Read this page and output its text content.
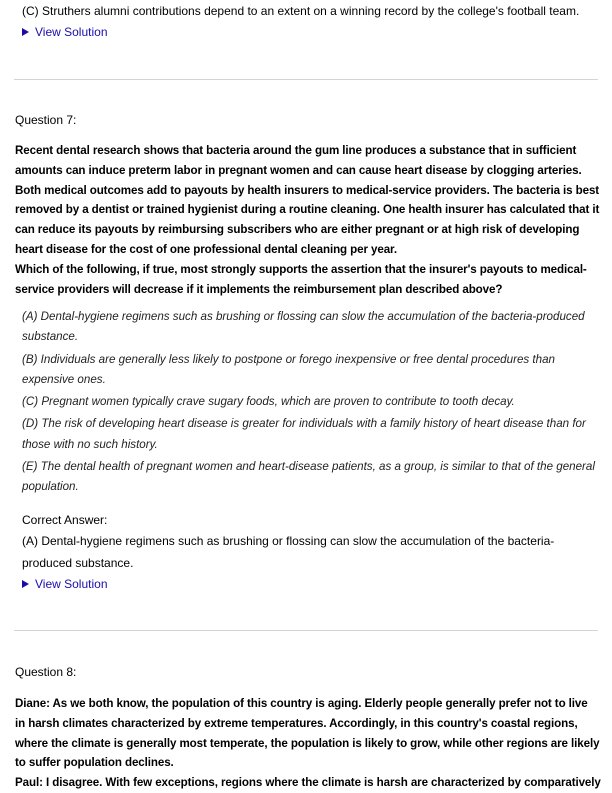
(C) Struthers alumni contributions depend to an extent on a winning record by the college's football team.
View Solution
Question 7:

Recent dental research shows that bacteria around the gum line produces a substance that in sufficient amounts can induce preterm labor in pregnant women and can cause heart disease by clogging arteries. Both medical outcomes add to payouts by health insurers to medical-service providers. The bacteria is best removed by a dentist or trained hygienist during a routine cleaning. One health insurer has calculated that it can reduce its payouts by reimbursing subscribers who are either pregnant or at high risk of developing heart disease for the cost of one professional dental cleaning per year.

Which of the following, if true, most strongly supports the assertion that the insurer's payouts to medical-service providers will decrease if it implements the reimbursement plan described above?

(A) Dental-hygiene regimens such as brushing or flossing can slow the accumulation of the bacteria-produced substance.

(B) Individuals are generally less likely to postpone or forego inexpensive or free dental procedures than expensive ones.

(C) Pregnant women typically crave sugary foods, which are proven to contribute to tooth decay.

(D) The risk of developing heart disease is greater for individuals with a family history of heart disease than for those with no such history.

(E) The dental health of pregnant women and heart-disease patients, as a group, is similar to that of the general population.

Correct Answer:
(A) Dental-hygiene regimens such as brushing or flossing can slow the accumulation of the bacteria-produced substance.
View Solution
Question 8:

Diane: As we both know, the population of this country is aging. Elderly people generally prefer not to live in harsh climates characterized by extreme temperatures. Accordingly, in this country's coastal regions, where the climate is generally most temperate, the population is likely to grow, while other regions are likely to suffer population declines.

Paul: I disagree. With few exceptions, regions where the climate is harsh are characterized by comparatively
